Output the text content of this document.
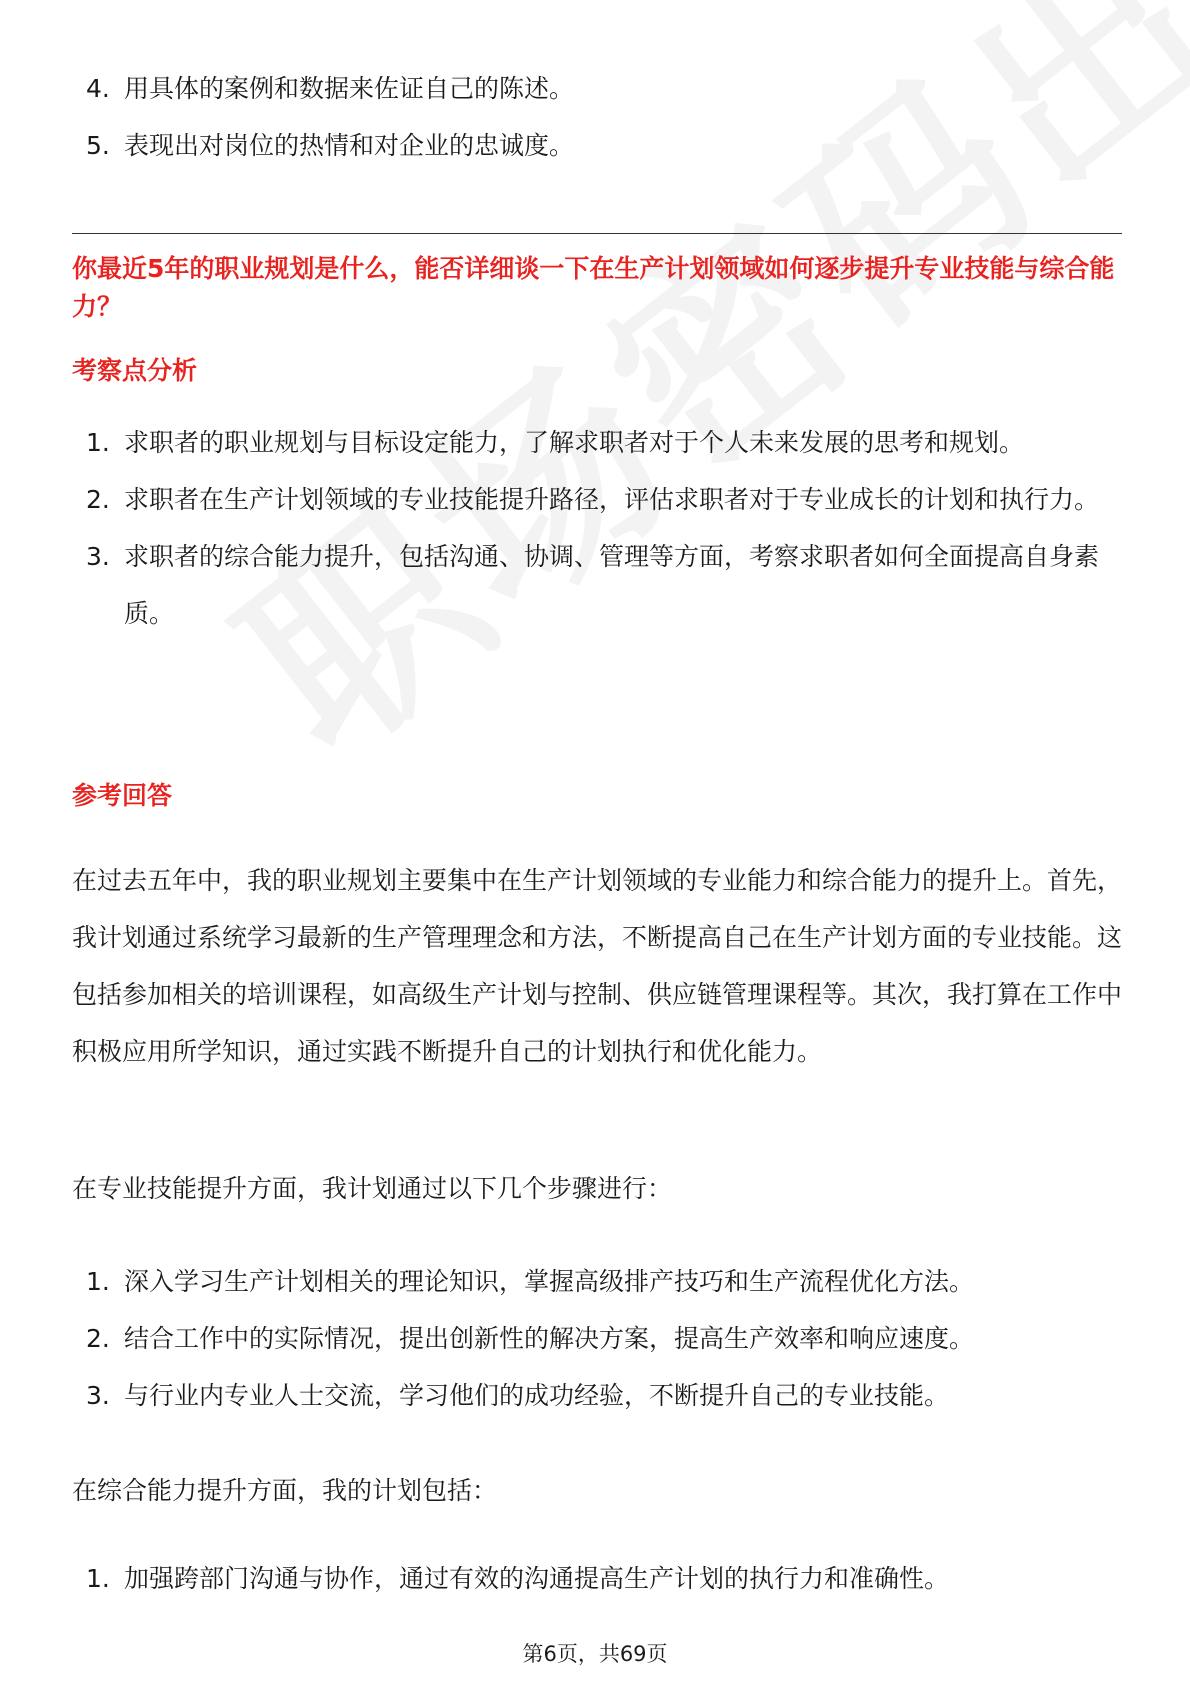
4. 用具体的案例和数据来佐证自己的陈述。
5. 表现出对岗位的热情和对企业的忠诚度。

你最近5年的职业规划是什么，能否详细谈一下在生产计划领域如何逐步提升专业技能与综合能力？

考察点分析
1. 求职者的职业规划与目标设定能力，了解求职者对于个人未来发展的思考和规划。
2. 求职者在生产计划领域的专业技能提升路径，评估求职者对于专业成长的计划和执行力。
3. 求职者的综合能力提升，包括沟通、协调、管理等方面，考察求职者如何全面提高自身素质。
参考回答

在过去五年中，我的职业规划主要集中在生产计划领域的专业能力和综合能力的提升上。首先，我计划通过系统学习最新的生产管理理念和方法，不断提高自己在生产计划方面的专业技能。这包括参加相关的培训课程，如高级生产计划与控制、供应链管理课程等。其次，我打算在工作中积极应用所学知识，通过实践不断提升自己的计划执行和优化能力。

在专业技能提升方面，我计划通过以下几个步骤进行：

1. 深入学习生产计划相关的理论知识，掌握高级排产技巧和生产流程优化方法。
2. 结合工作中的实际情况，提出创新性的解决方案，提高生产效率和响应速度。
3. 与行业内专业人士交流，学习他们的成功经验，不断提升自己的专业技能。

在综合能力提升方面，我的计划包括：

1. 加强跨部门沟通与协作，通过有效的沟通提高生产计划的执行力和准确性。
第6页，共69页
